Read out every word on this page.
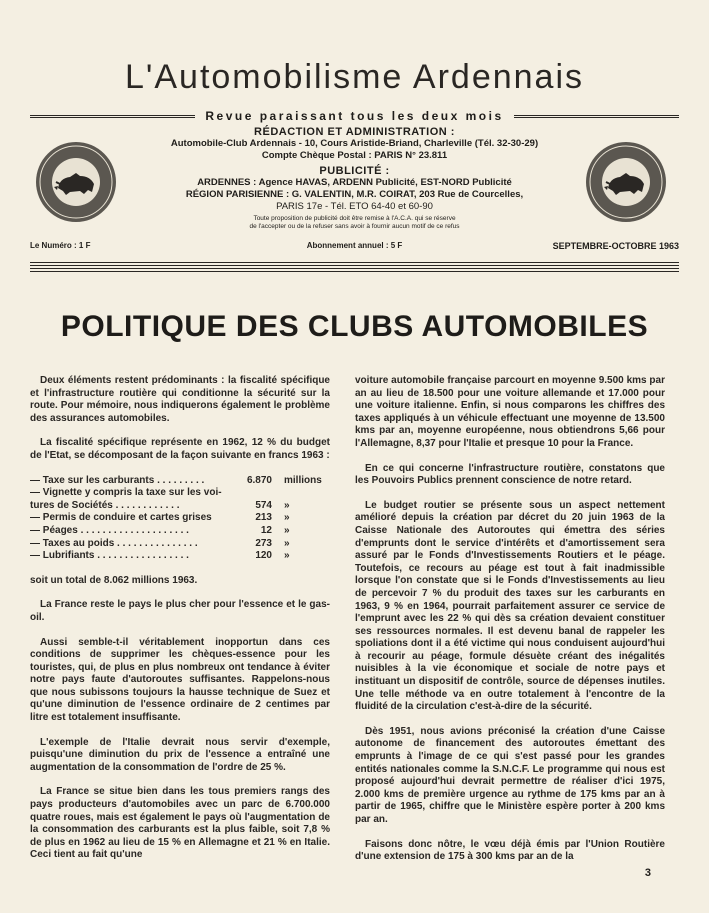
L'Automobilisme Ardennais
Revue paraissant tous les deux mois

RÉDACTION ET ADMINISTRATION :

Automobile-Club Ardennais - 10, Cours Aristide-Briand, Charleville (Tél. 32-30-29)

Compte Chèque Postal : PARIS N° 23.811

PUBLICITÉ :

ARDENNES : Agence HAVAS, ARDENN Publicité, EST-NORD Publicité

RÉGION PARISIENNE : G. VALENTIN, M.R. COIRAT, 203 Rue de Courcelles,

PARIS 17e - Tél. ETO 64-40 et 60-90

Toute proposition de publicité doit être remise à l'A.C.A. qui se réserve

de l'accepter ou de la refuser sans avoir à fournir aucun motif de ce refus

Le Numéro : 1 F	Abonnement annuel : 5 F	SEPTEMBRE-OCTOBRE 1963
POLITIQUE DES CLUBS AUTOMOBILES

Deux éléments restent prédominants : la fiscalité spécifique et l'infrastructure routière qui conditionne la sécurité sur la route. Pour mémoire, nous indiquerons également le problème des assurances automobiles.

La fiscalité spécifique représente en 1962, 12 % du budget de l'Etat, se décomposant de la façon suivante en francs 1963 :

— Taxe sur les carburants . . . . . . . . .	6.870	millions
— Vignette y compris la taxe sur les voi-
tures de Sociétés . . . . . . . . . . . .	574	»
— Permis de conduire et cartes grises	213	»
— Péages . . . . . . . . . . . . . . . . . . . .	12	»
— Taxes au poids . . . . . . . . . . . . . . .	273	»
— Lubrifiants . . . . . . . . . . . . . . . . .	120	»

soit un total de 8.062 millions 1963.

La France reste le pays le plus cher pour l'essence et le gas-oil.

Aussi semble-t-il véritablement inopportun dans ces conditions de supprimer les chèques-essence pour les touristes, qui, de plus en plus nombreux ont tendance à éviter notre pays faute d'autoroutes suffisantes. Rappelons-nous que nous subissons toujours la hausse technique de Suez et qu'une diminution de l'essence ordinaire de 2 centimes par litre est totalement insuffisante.

L'exemple de l'Italie devrait nous servir d'exemple, puisqu'une diminution du prix de l'essence a entraîné une augmentation de la consommation de l'ordre de 25 %.

La France se situe bien dans les tous premiers rangs des pays producteurs d'automobiles avec un parc de 6.700.000 quatre roues, mais est également le pays où l'augmentation de la consommation des carburants est la plus faible, soit 7,8 % de plus en 1962 au lieu de 15 % en Allemagne et 21 % en Italie. Ceci tient au fait qu'une

voiture automobile française parcourt en moyenne 9.500 kms par an au lieu de 18.500 pour une voiture allemande et 17.000 pour une voiture italienne. Enfin, si nous comparons les chiffres des taxes appliqués à un véhicule effectuant une moyenne de 13.500 kms par an, moyenne européenne, nous obtiendrons 5,66 pour l'Allemagne, 8,37 pour l'Italie et presque 10 pour la France.

En ce qui concerne l'infrastructure routière, constatons que les Pouvoirs Publics prennent conscience de notre retard.

Le budget routier se présente sous un aspect nettement amélioré depuis la création par décret du 20 juin 1963 de la Caisse Nationale des Autoroutes qui émettra des séries d'emprunts dont le service d'intérêts et d'amortissement sera assuré par le Fonds d'Investissements Routiers et le péage. Toutefois, ce recours au péage est tout à fait inadmissible lorsque l'on constate que si le Fonds d'Investissements au lieu de percevoir 7 % du produit des taxes sur les carburants en 1963, 9 % en 1964, pourrait parfaitement assurer ce service de l'emprunt avec les 22 % qui dès sa création devaient constituer ses ressources normales. Il est devenu banal de rappeler les spoliations dont il a été victime qui nous conduisent aujourd'hui à recourir au péage, formule désuète créant des inégalités nuisibles à la vie économique et sociale de notre pays et instituant un dispositif de contrôle, source de dépenses inutiles. Une telle méthode va en outre totalement à l'encontre de la fluidité de la circulation c'est-à-dire de la sécurité.

Dès 1951, nous avions préconisé la création d'une Caisse autonome de financement des autoroutes émettant des emprunts à l'image de ce qui s'est passé pour les grandes entités nationales comme la S.N.C.F. Le programme qui nous est proposé aujourd'hui devrait permettre de réaliser d'ici 1975, 2.000 kms de première urgence au rythme de 175 kms par an à partir de 1965, chiffre que le Ministère espère porter à 200 kms par an.

Faisons donc nôtre, le vœu déjà émis par l'Union Routière d'une extension de 175 à 300 kms par an de la

3
